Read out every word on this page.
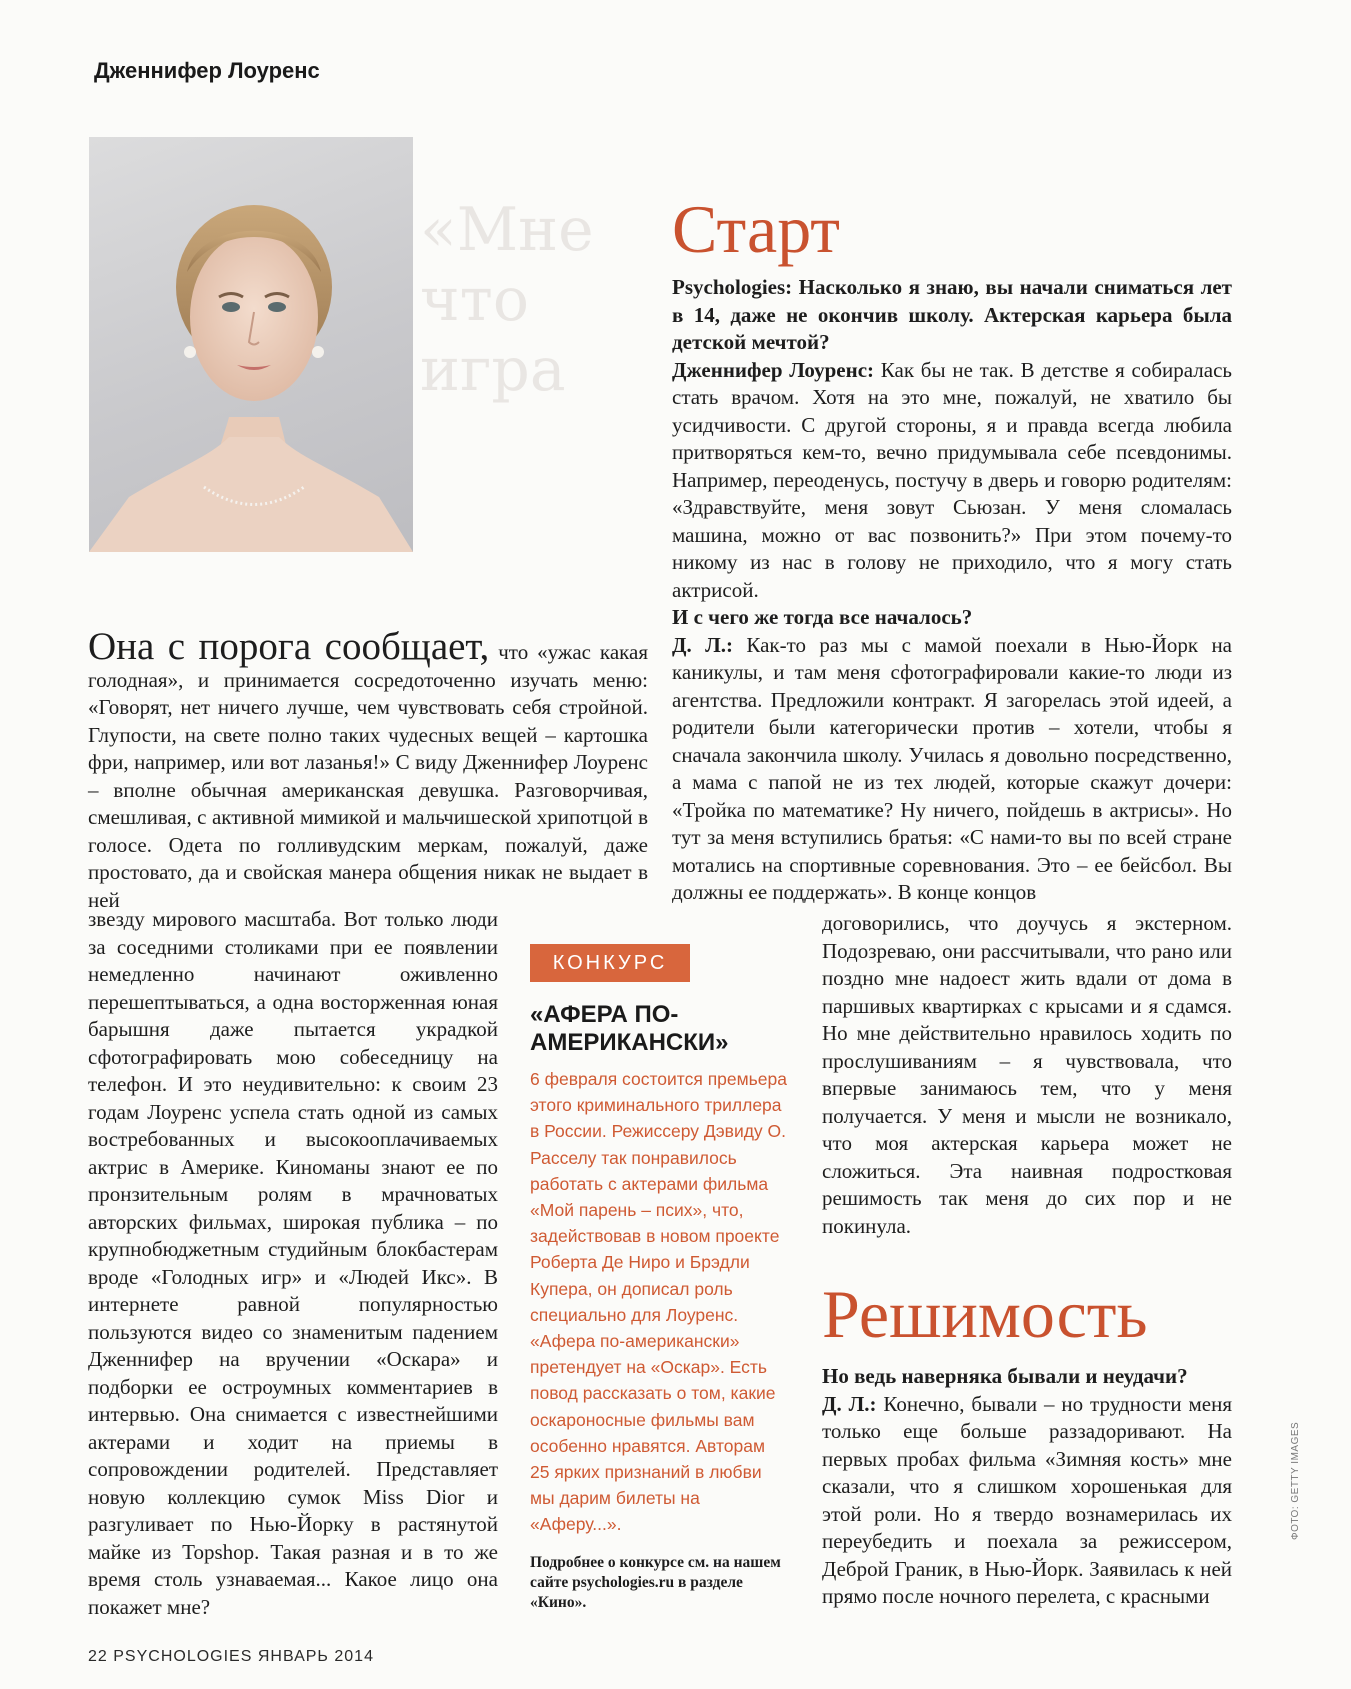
Дженнифер Лоуренс
«Мне
что
игра

Она с порога сообщает, что «ужас какая голодная», и принимается сосредоточенно изучать меню: «Говорят, нет ничего лучше, чем чувствовать себя стройной. Глупости, на свете полно таких чудесных вещей – картошка фри, например, или вот лазанья!» С виду Дженнифер Лоуренс – вполне обычная американская девушка. Разговорчивая, смешливая, с активной мимикой и мальчишеской хрипотцой в голосе. Одета по голливудским меркам, пожалуй, даже простовато, да и свойская манера общения никак не выдает в ней

звезду мирового масштаба. Вот только люди за соседними столиками при ее появлении немедленно начинают оживленно перешептываться, а одна восторженная юная барышня даже пытается украдкой сфотографировать мою собеседницу на телефон. И это неудивительно: к своим 23 годам Лоуренс успела стать одной из самых востребованных и высокооплачиваемых актрис в Америке. Киноманы знают ее по пронзительным ролям в мрачноватых авторских фильмах, широкая публика – по крупнобюджетным студийным блокбастерам вроде «Голодных игр» и «Людей Икс». В интернете равной популярностью пользуются видео со знаменитым падением Дженнифер на вручении «Оскара» и подборки ее остроумных комментариев в интервью. Она снимается с известнейшими актерами и ходит на приемы в сопровождении родителей. Представляет новую коллекцию сумок Miss Dior и разгуливает по Нью-Йорку в растянутой майке из Topshop. Такая разная и в то же время столь узнаваемая... Какое лицо она покажет мне?

Старт

Psychologies: Насколько я знаю, вы начали сниматься лет в 14, даже не окончив школу. Актерская карьера была детской мечтой?
Дженнифер Лоуренс: Как бы не так. В детстве я собиралась стать врачом. Хотя на это мне, пожалуй, не хватило бы усидчивости. С другой стороны, я и правда всегда любила притворяться кем-то, вечно придумывала себе псевдонимы. Например, переоденусь, постучу в дверь и говорю родителям: «Здравствуйте, меня зовут Сьюзан. У меня сломалась машина, можно от вас позвонить?» При этом почему-то никому из нас в голову не приходило, что я могу стать актрисой.
И с чего же тогда все началось?
Д. Л.: Как-то раз мы с мамой поехали в Нью-Йорк на каникулы, и там меня сфотографировали какие-то люди из агентства. Предложили контракт. Я загорелась этой идеей, а родители были категорически против – хотели, чтобы я сначала закончила школу. Училась я довольно посредственно, а мама с папой не из тех людей, которые скажут дочери: «Тройка по математике? Ну ничего, пойдешь в актрисы». Но тут за меня вступились братья: «С нами-то вы по всей стране мотались на спортивные соревнования. Это – ее бейсбол. Вы должны ее поддержать». В конце концов

договорились, что доучусь я экстерном. Подозреваю, они рассчитывали, что рано или поздно мне надоест жить вдали от дома в паршивых квартирках с крысами и я сдамся. Но мне действительно нравилось ходить по прослушиваниям – я чувствовала, что впервые занимаюсь тем, что у меня получается. У меня и мысли не возникало, что моя актерская карьера может не сложиться. Эта наивная подростковая решимость так меня до сих пор и не покинула.

Решимость

Но ведь наверняка бывали и неудачи?
Д. Л.: Конечно, бывали – но трудности меня только еще больше раззадоривают. На первых пробах фильма «Зимняя кость» мне сказали, что я слишком хорошенькая для этой роли. Но я твердо вознамерилась их переубедить и поехала за режиссером, Деброй Граник, в Нью-Йорк. Заявилась к ней прямо после ночного перелета, с красными

КОНКУРС
«АФЕРА ПО-АМЕРИКАНСКИ»

6 февраля состоится премьера этого криминального триллера в России. Режиссеру Дэвиду О. Расселу так понравилось работать с актерами фильма «Мой парень – псих», что, задействовав в новом проекте Роберта Де Ниро и Брэдли Купера, он дописал роль специально для Лоуренс. «Афера по-американски» претендует на «Оскар». Есть повод рассказать о том, какие оскароносные фильмы вам особенно нравятся. Авторам 25 ярких признаний в любви мы дарим билеты на «Аферу...».

Подробнее о конкурсе см. на нашем сайте psychologies.ru в разделе «Кино».

22 PSYCHOLOGIES ЯНВАРЬ 2014
ФОТО: GETTY IMAGES
